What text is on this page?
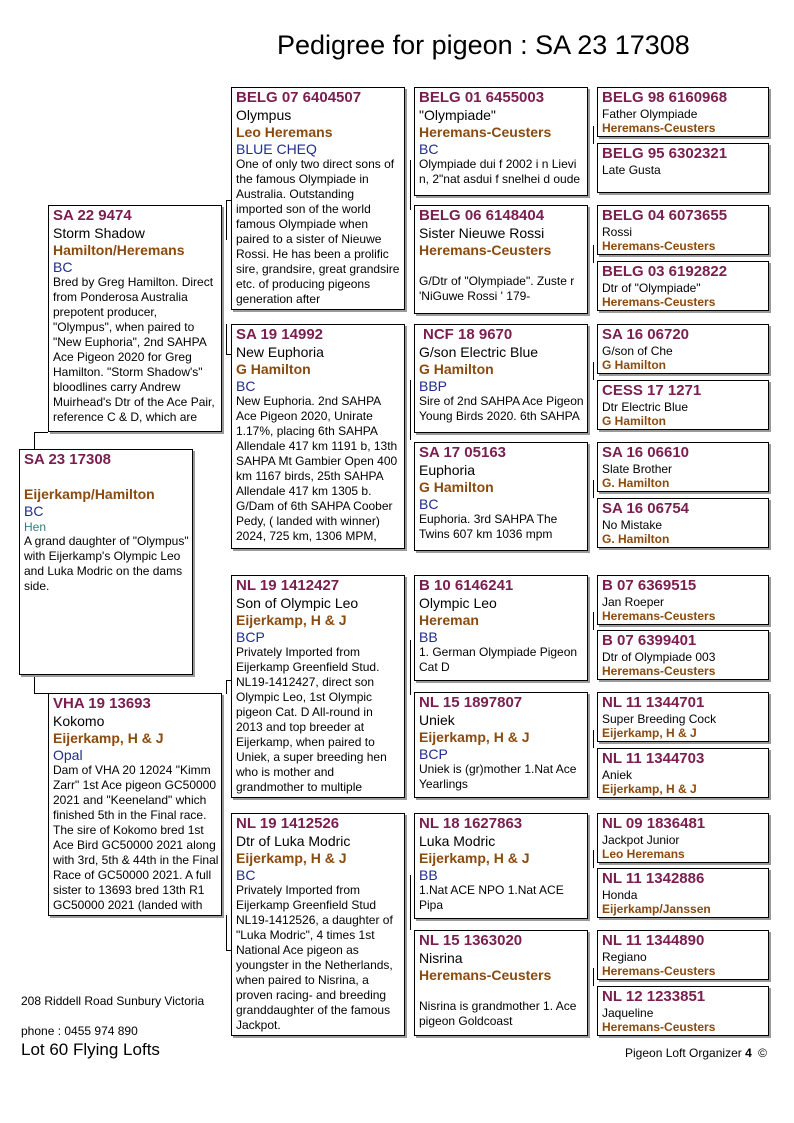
Pedigree for pigeon : SA 23 17308
SA 23 17308
Eijerkamp/Hamilton
BC
Hen
A grand daughter of "Olympus" with Eijerkamp's Olympic Leo and Luka Modric on the dams side.
SA 22 9474
Storm Shadow
Hamilton/Heremans
BC
Bred by Greg Hamilton. Direct from Ponderosa Australia prepotent producer, "Olympus", when paired to "New Euphoria", 2nd SAHPA Ace Pigeon 2020 for Greg Hamilton. "Storm Shadow's" bloodlines carry Andrew Muirhead's Dtr of the Ace Pair, reference C & D, which are
VHA 19 13693
Kokomo
Eijerkamp, H & J
Opal
Dam of VHA 20 12024 "Kimm Zarr" 1st Ace pigeon GC50000 2021 and "Keeneland" which finished 5th in the Final race. The sire of Kokomo bred 1st Ace Bird GC50000 2021 along with 3rd, 5th & 44th in the Final Race of GC50000 2021. A full sister to 13693 bred 13th R1 GC50000 2021 (landed with
BELG 07 6404507
Olympus
Leo Heremans
BLUE CHEQ
One of only two direct sons of the famous Olympiade in Australia. Outstanding imported son of the world famous Olympiade when paired to a sister of Nieuwe Rossi. He has been a prolific sire, grandsire, great grandsire etc. of producing pigeons generation after
SA 19 14992
New Euphoria
G Hamilton
BC
New Euphoria. 2nd SAHPA Ace Pigeon 2020, Unirate 1.17%, placing 6th SAHPA Allendale 417 km 1191 b, 13th SAHPA Mt Gambier Open 400 km 1167 birds, 25th SAHPA Allendale 417 km 1305 b. G/Dam of 6th SAHPA Coober Pedy, ( landed with winner) 2024, 725 km, 1306 MPM,
NL 19 1412427
Son of Olympic Leo
Eijerkamp, H & J
BCP
Privately Imported from Eijerkamp Greenfield Stud. NL19-1412427, direct son Olympic Leo, 1st Olympic pigeon Cat. D All-round in 2013 and top breeder at Eijerkamp, when paired to Uniek, a super breeding hen who is mother and grandmother to multiple
NL 19 1412526
Dtr of Luka Modric
Eijerkamp, H & J
BC
Privately Imported from Eijerkamp Greenfield Stud NL19-1412526, a daughter of "Luka Modric", 4 times 1st National Ace pigeon as youngster in the Netherlands, when paired to Nisrina, a proven racing- and breeding granddaughter of the famous Jackpot.
BELG 01 6455003
"Olympiade"
Heremans-Ceusters
BC
Olympiade dui f 2002 i n Lievi n, 2"nat asdui f snelhei d oude
BELG 06 6148404
Sister Nieuwe Rossi
Heremans-Ceusters
G/Dtr of "Olympiade". Zuste r 'NiGuwe Rossi ' 179-
NCF 18 9670
G/son Electric Blue
G Hamilton
BBP
Sire of 2nd SAHPA Ace Pigeon Young Birds 2020. 6th SAHPA
SA 17 05163
Euphoria
G Hamilton
BC
Euphoria. 3rd SAHPA The Twins 607 km 1036 mpm
B 10 6146241
Olympic Leo
Hereman
BB
1. German Olympiade Pigeon Cat D
NL 15 1897807
Uniek
Eijerkamp, H & J
BCP
Uniek is (gr)mother 1.Nat Ace Yearlings
NL 18 1627863
Luka Modric
Eijerkamp, H & J
BB
1.Nat ACE NPO 1.Nat ACE Pipa
NL 15 1363020
Nisrina
Heremans-Ceusters
Nisrina is grandmother 1. Ace pigeon Goldcoast
BELG 98 6160968
Father Olympiade
Heremans-Ceusters
BELG 95 6302321
Late Gusta
BELG 04 6073655
Rossi
Heremans-Ceusters
BELG 03 6192822
Dtr of "Olympiade"
Heremans-Ceusters
SA 16 06720
G/son of Che
G Hamilton
CESS 17 1271
Dtr Electric Blue
G Hamilton
SA 16 06610
Slate Brother
G. Hamilton
SA 16 06754
No Mistake
G. Hamilton
B 07 6369515
Jan Roeper
Heremans-Ceusters
B 07 6399401
Dtr of Olympiade 003
Heremans-Ceusters
NL 11 1344701
Super Breeding Cock
Eijerkamp, H & J
NL 11 1344703
Aniek
Eijerkamp, H & J
NL 09 1836481
Jackpot Junior
Leo Heremans
NL 11 1342886
Honda
Eijerkamp/Janssen
NL 11 1344890
Regiano
Heremans-Ceusters
NL 12 1233851
Jaqueline
Heremans-Ceusters
208 Riddell Road Sunbury Victoria
phone : 0455 974 890
Lot 60 Flying Lofts	Pigeon Loft Organizer 4 ©
